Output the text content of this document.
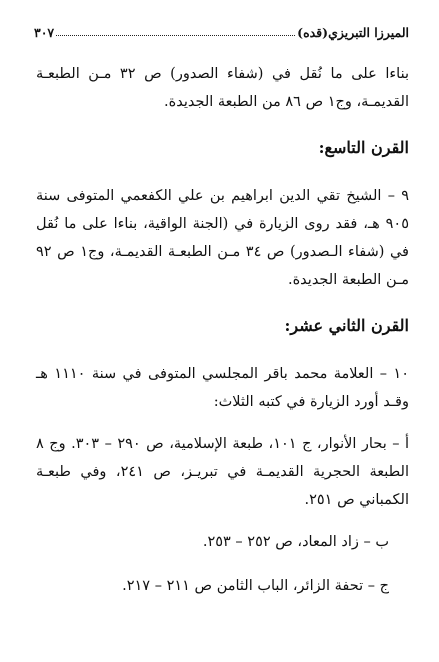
الميرزا التبريزي(قده)
٣٠٧

بناءا على ما نُقل في (شفاء الصدور) ص ٣٢ مـن الطبعـة القديمـة، وج١ ص ٨٦ من الطبعة الجديدة.

القرن التاسع:

٩ – الشيخ تقي الدين ابراهيم بن علي الكفعمي المتوفى سنة ٩٠٥ هـ، فقد روى الزيارة في (الجنة الواقية، بناءا على ما نُقل في (شفاء الـصدور) ص ٣٤ مـن الطبعـة القديمـة، وج١ ص ٩٢ مـن الطبعة الجديدة.

القرن الثاني عشر:

١٠ – العلامة محمد باقر المجلسي المتوفى في سنة ١١١٠ هـ وقـد أورد الزيارة في كتبه الثلاث:

أ – بحار الأنوار، ج ١٠١، طبعة الإسلامية، ص ٢٩٠ – ٣٠٣. وج ٨ الطبعة الحجرية القديمـة في تبريـز، ص ٢٤١، وفي طبعـة الكمباني ص ٢٥١.

ب – زاد المعاد، ص ٢٥٢ – ٢٥٣.

ج – تحفة الزائر، الباب الثامن ص ٢١١ – ٢١٧.
